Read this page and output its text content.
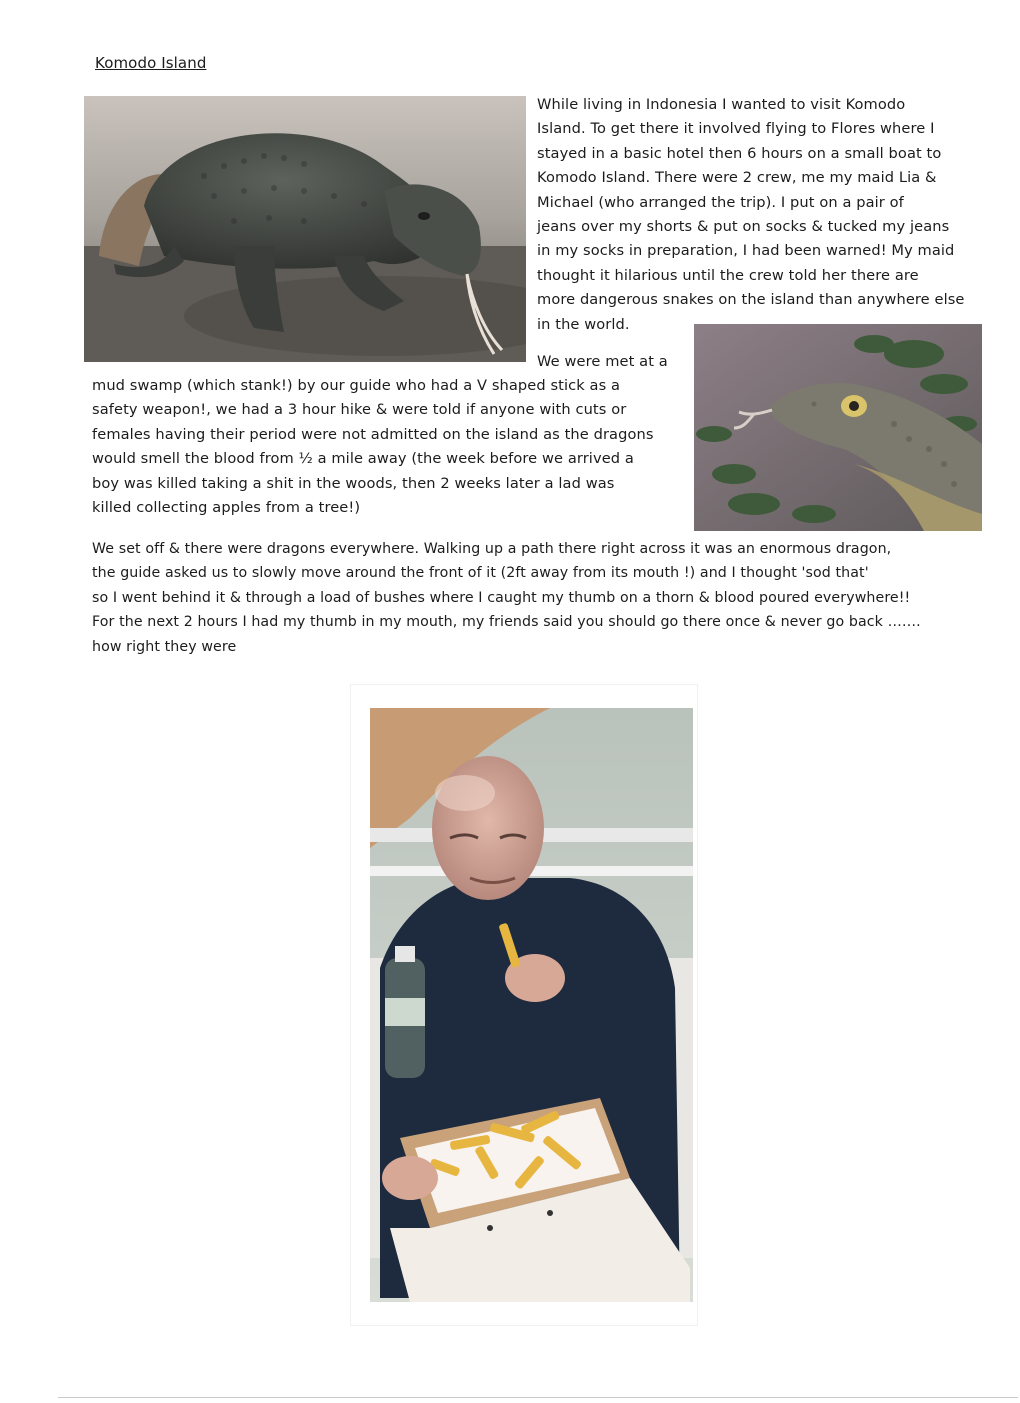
Komodo Island
While living in Indonesia I wanted to visit Komodo
Island. To get there it involved flying to Flores where I
stayed in a basic hotel then 6 hours on a small boat to
Komodo Island. There were 2 crew, me my maid Lia &
Michael (who arranged the trip). I put on a pair of
jeans over my shorts & put on socks & tucked my jeans
in my socks in preparation, I had been warned! My maid
thought it hilarious until the crew told her there are
more dangerous snakes on the island than anywhere else
in the world.
We were met at a
mud swamp (which stank!) by our guide who had a V shaped stick as a
safety weapon!, we had a 3 hour hike & were told if anyone with cuts or
females having their period were not admitted on the island as the dragons
would smell the blood from ½ a mile away (the week before we arrived a
boy was killed taking a shit in the woods, then 2 weeks later a lad was
killed collecting apples from a tree!)
We set off & there were dragons everywhere. Walking up a path there right across it was an enormous dragon,
the guide asked us to slowly move around the front of it (2ft away from its mouth !) and I thought 'sod that'
so I went behind it & through a load of bushes where I caught my thumb on a thorn & blood poured everywhere!!
For the next 2 hours I had my thumb in my mouth, my friends said you should go there once & never go back …….
how right they were
